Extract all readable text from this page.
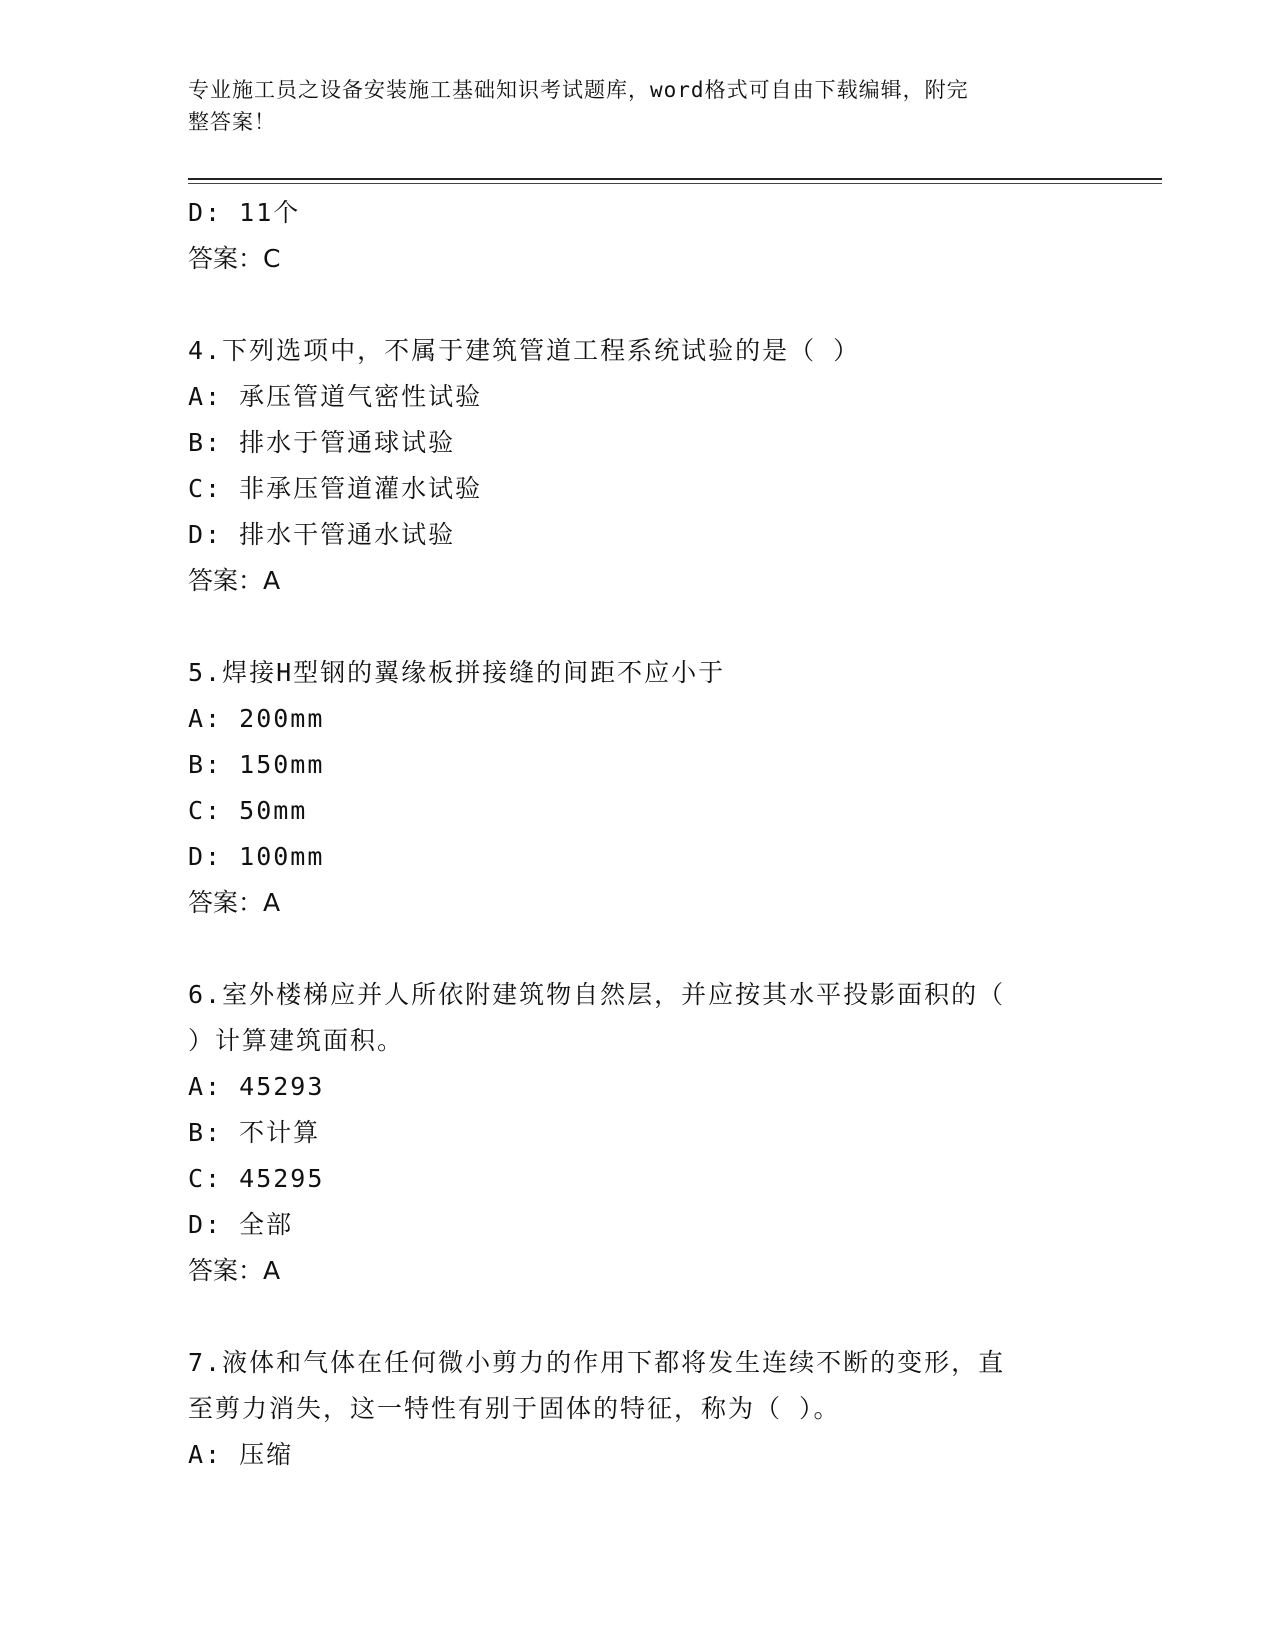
专业施工员之设备安装施工基础知识考试题库，word格式可自由下载编辑，附完
整答案！
D: 11个
答案：C
4.下列选项中，不属于建筑管道工程系统试验的是（ ）
A: 承压管道气密性试验
B: 排水于管通球试验
C: 非承压管道灌水试验
D: 排水干管通水试验
答案：A
5.焊接H型钢的翼缘板拼接缝的间距不应小于
A: 200mm
B: 150mm
C: 50mm
D: 100mm
答案：A
6.室外楼梯应并人所依附建筑物自然层，并应按其水平投影面积的（
）计算建筑面积。
A: 45293
B: 不计算
C: 45295
D: 全部
答案：A
7.液体和气体在任何微小剪力的作用下都将发生连续不断的变形，直
至剪力消失，这一特性有别于固体的特征，称为（ ）。
A: 压缩
